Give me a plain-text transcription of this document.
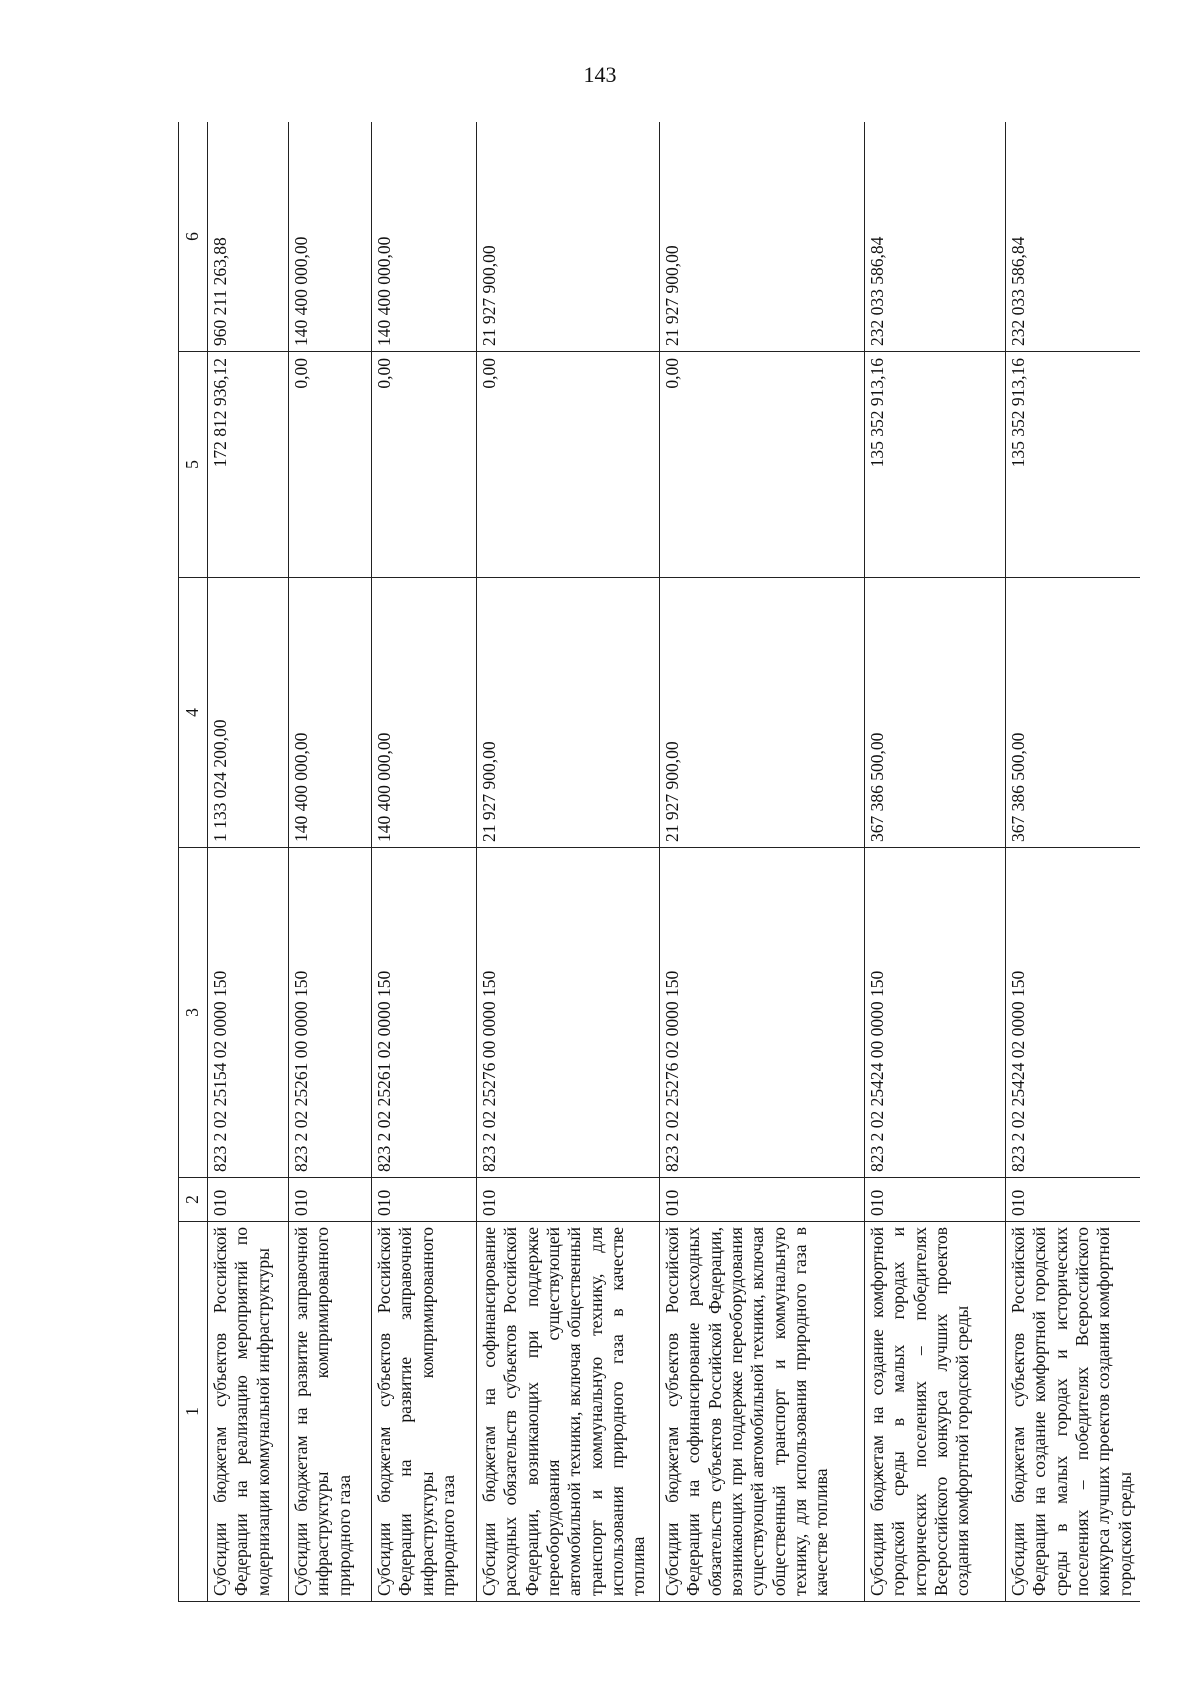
143
1	2	3	4	5	6
Субсидии бюджетам субъектов Российской Федерации на реализацию мероприятий по модернизации коммунальной инфраструктуры	010	823 2 02 25154 02 0000 150	1 133 024 200,00	172 812 936,12	960 211 263,88
Субсидии бюджетам на развитие заправочной инфраструктуры компримированного природного газа	010	823 2 02 25261 00 0000 150	140 400 000,00	0,00	140 400 000,00
Субсидии бюджетам субъектов Российской Федерации на развитие заправочной инфраструктуры компримированного природного газа	010	823 2 02 25261 02 0000 150	140 400 000,00	0,00	140 400 000,00
Субсидии бюджетам на софинансирование расходных обязательств субъектов Российской Федерации, возникающих при поддержке переоборудования существующей автомобильной техники, включая общественный транспорт и коммунальную технику, для использования природного газа в качестве топлива	010	823 2 02 25276 00 0000 150	21 927 900,00	0,00	21 927 900,00
Субсидии бюджетам субъектов Российской Федерации на софинансирование расходных обязательств субъектов Российской Федерации, возникающих при поддержке переоборудования существующей автомобильной техники, включая общественный транспорт и коммунальную технику, для использования природного газа в качестве топлива	010	823 2 02 25276 02 0000 150	21 927 900,00	0,00	21 927 900,00
Субсидии бюджетам на создание комфортной городской среды в малых городах и исторических поселениях – победителях Всероссийского конкурса лучших проектов создания комфортной городской среды	010	823 2 02 25424 00 0000 150	367 386 500,00	135 352 913,16	232 033 586,84
Субсидии бюджетам субъектов Российской Федерации на создание комфортной городской среды в малых городах и исторических поселениях – победителях Всероссийского конкурса лучших проектов создания комфортной городской среды	010	823 2 02 25424 02 0000 150	367 386 500,00	135 352 913,16	232 033 586,84
